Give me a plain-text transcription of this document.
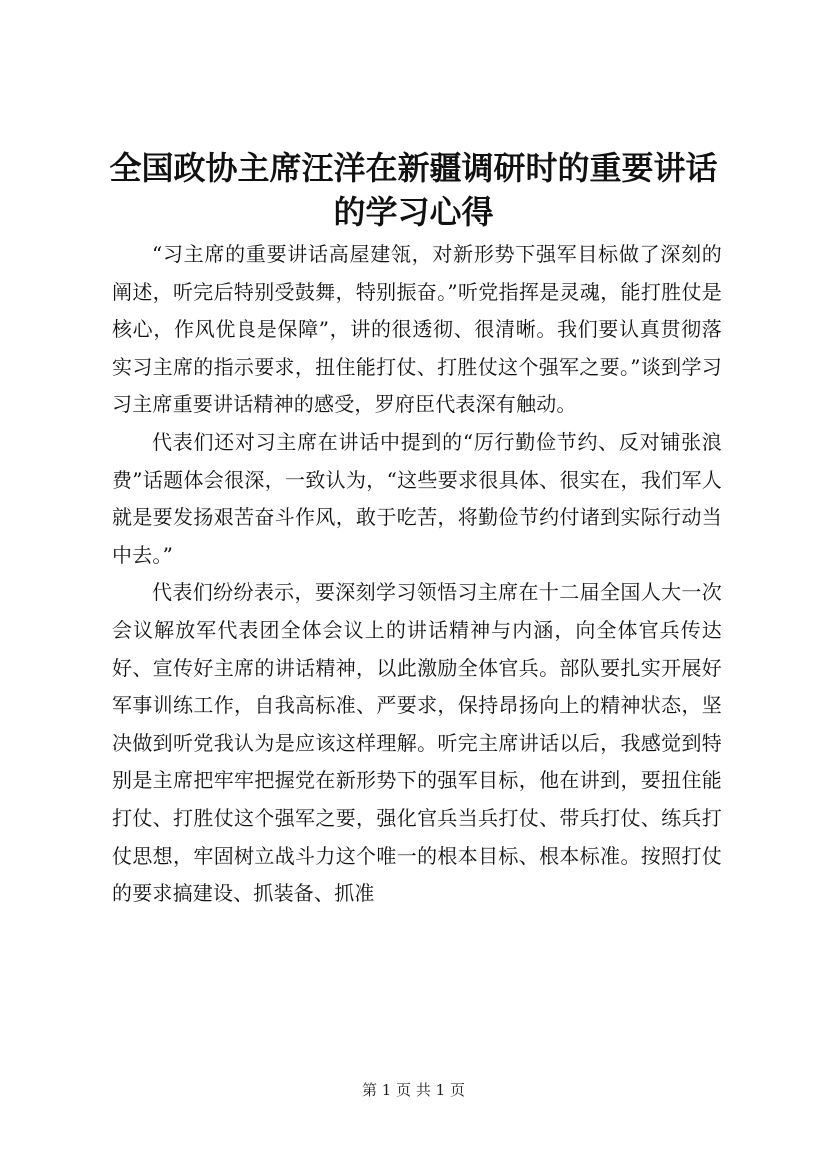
全国政协主席汪洋在新疆调研时的重要讲话的学习心得

“习主席的重要讲话高屋建瓴，对新形势下强军目标做了深刻的阐述，听完后特别受鼓舞，特别振奋。”听党指挥是灵魂，能打胜仗是核心，作风优良是保障”，讲的很透彻、很清晰。我们要认真贯彻落实习主席的指示要求，扭住能打仗、打胜仗这个强军之要。”谈到学习习主席重要讲话精神的感受，罗府臣代表深有触动。

代表们还对习主席在讲话中提到的“厉行勤俭节约、反对铺张浪费”话题体会很深，一致认为，“这些要求很具体、很实在，我们军人就是要发扬艰苦奋斗作风，敢于吃苦，将勤俭节约付诸到实际行动当中去。”

代表们纷纷表示，要深刻学习领悟习主席在十二届全国人大一次会议解放军代表团全体会议上的讲话精神与内涵，向全体官兵传达好、宣传好主席的讲话精神，以此激励全体官兵。部队要扎实开展好军事训练工作，自我高标准、严要求，保持昂扬向上的精神状态，坚决做到听党我认为是应该这样理解。听完主席讲话以后，我感觉到特别是主席把牢牢把握党在新形势下的强军目标，他在讲到，要扭住能打仗、打胜仗这个强军之要，强化官兵当兵打仗、带兵打仗、练兵打仗思想，牢固树立战斗力这个唯一的根本目标、根本标准。按照打仗的要求搞建设、抓装备、抓准

第 1 页 共 1 页
